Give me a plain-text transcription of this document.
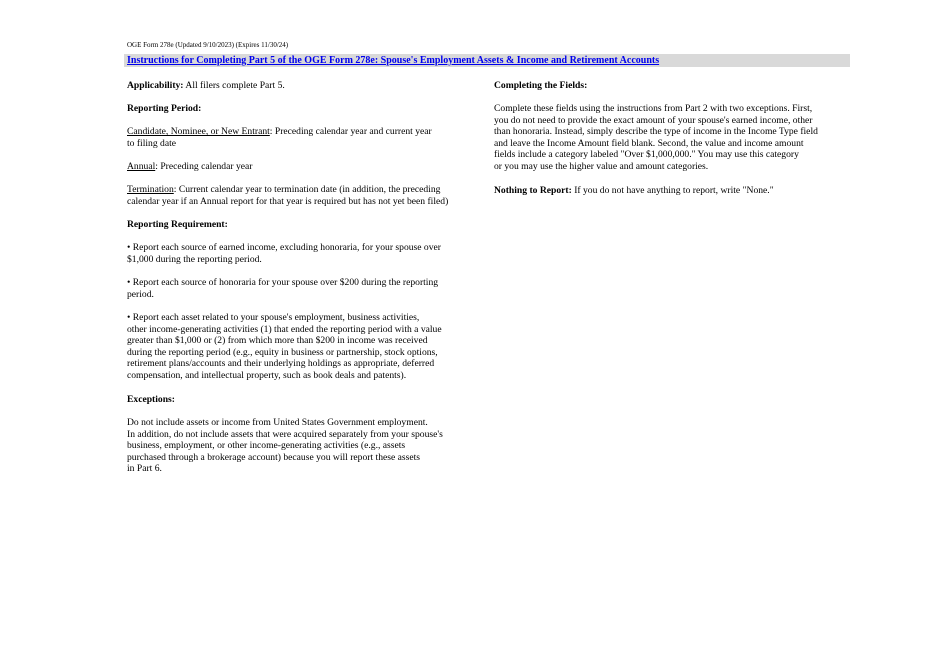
OGE Form 278e (Updated 9/10/2023) (Expires 11/30/24)
Instructions for Completing Part 5 of the OGE Form 278e: Spouse's Employment Assets & Income and Retirement Accounts
Applicability: All filers complete Part 5.
Reporting Period:
Candidate, Nominee, or New Entrant: Preceding calendar year and current year
to filing date
Annual: Preceding calendar year
Termination: Current calendar year to termination date (in addition, the preceding
calendar year if an Annual report for that year is required but has not yet been filed)
Reporting Requirement:
• Report each source of earned income, excluding honoraria, for your spouse over
$1,000 during the reporting period.
• Report each source of honoraria for your spouse over $200 during the reporting
period.
• Report each asset related to your spouse's employment, business activities,
other income-generating activities (1) that ended the reporting period with a value
greater than $1,000 or (2) from which more than $200 in income was received
during the reporting period (e.g., equity in business or partnership, stock options,
retirement plans/accounts and their underlying holdings as appropriate, deferred
compensation, and intellectual property, such as book deals and patents).
Exceptions:
Do not include assets or income from United States Government employment.
In addition, do not include assets that were acquired separately from your spouse's
business, employment, or other income-generating activities (e.g., assets
purchased through a brokerage account) because you will report these assets
in Part 6.
Completing the Fields:
Complete these fields using the instructions from Part 2 with two exceptions. First,
you do not need to provide the exact amount of your spouse's earned income, other
than honoraria. Instead, simply describe the type of income in the Income Type field
and leave the Income Amount field blank. Second, the value and income amount
fields include a category labeled "Over $1,000,000." You may use this category
or you may use the higher value and amount categories.
Nothing to Report: If you do not have anything to report, write "None."
